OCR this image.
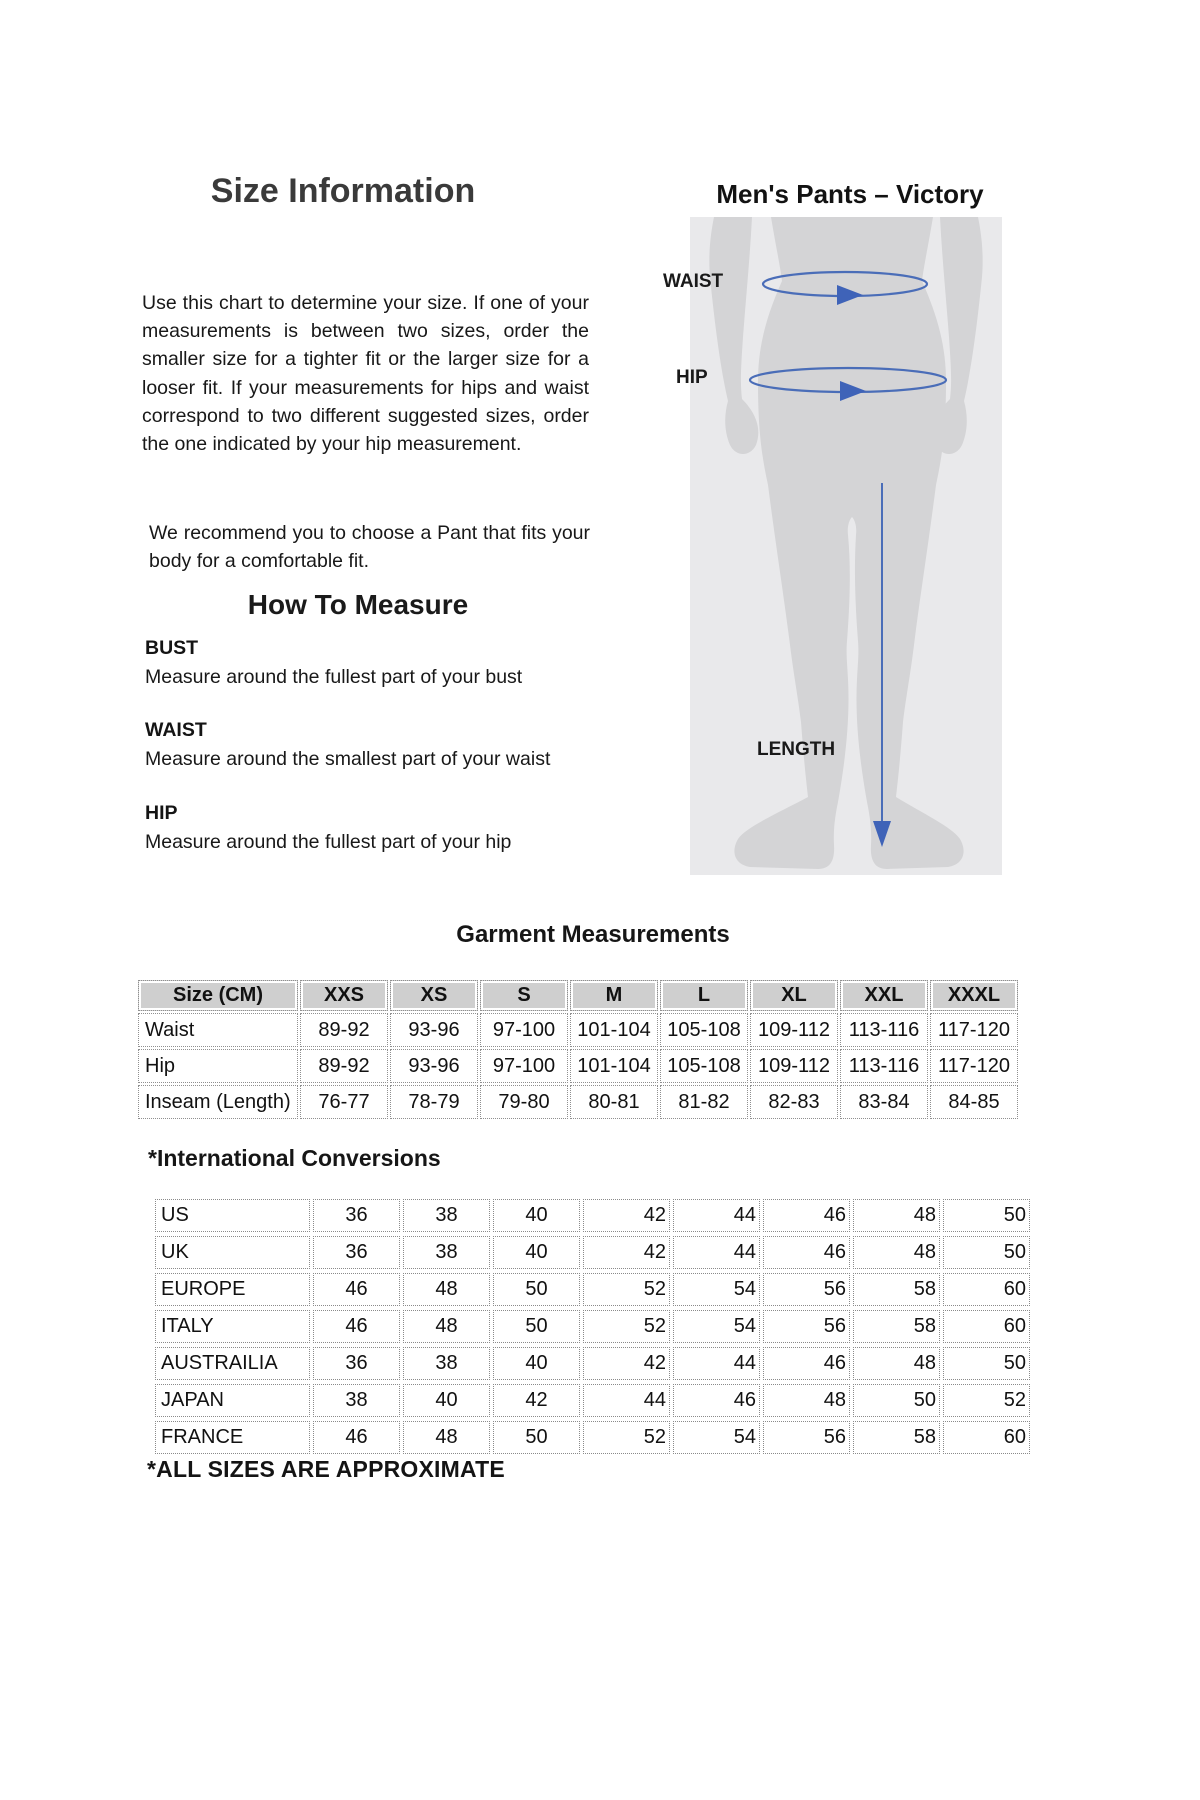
Size Information	Men's Pants – Victory

Use this chart to determine your size. If one of your measurements is between two sizes, order the smaller size for a tighter fit or the larger size for a looser fit. If your measurements for hips and waist correspond to two different suggested sizes, order the one indicated by your hip measurement.

We recommend you to choose a Pant that fits your body for a comfortable fit.

How To Measure
BUST
Measure around the fullest part of your bust
WAIST
Measure around the smallest part of your waist
HIP
Measure around the fullest part of your hip
WAIST
HIP
LENGTH
Garment Measurements
Size (CM)	XXS	XS	S	M	L	XL	XXL	XXXL
Waist	89-92	93-96	97-100	101-104	105-108	109-112	113-116	117-120
Hip	89-92	93-96	97-100	101-104	105-108	109-112	113-116	117-120
Inseam (Length)	76-77	78-79	79-80	80-81	81-82	82-83	83-84	84-85
*International Conversions
US	36	38	40	42	44	46	48	50
UK	36	38	40	42	44	46	48	50
EUROPE	46	48	50	52	54	56	58	60
ITALY	46	48	50	52	54	56	58	60
AUSTRAILIA	36	38	40	42	44	46	48	50
JAPAN	38	40	42	44	46	48	50	52
FRANCE	46	48	50	52	54	56	58	60
*ALL SIZES ARE APPROXIMATE
